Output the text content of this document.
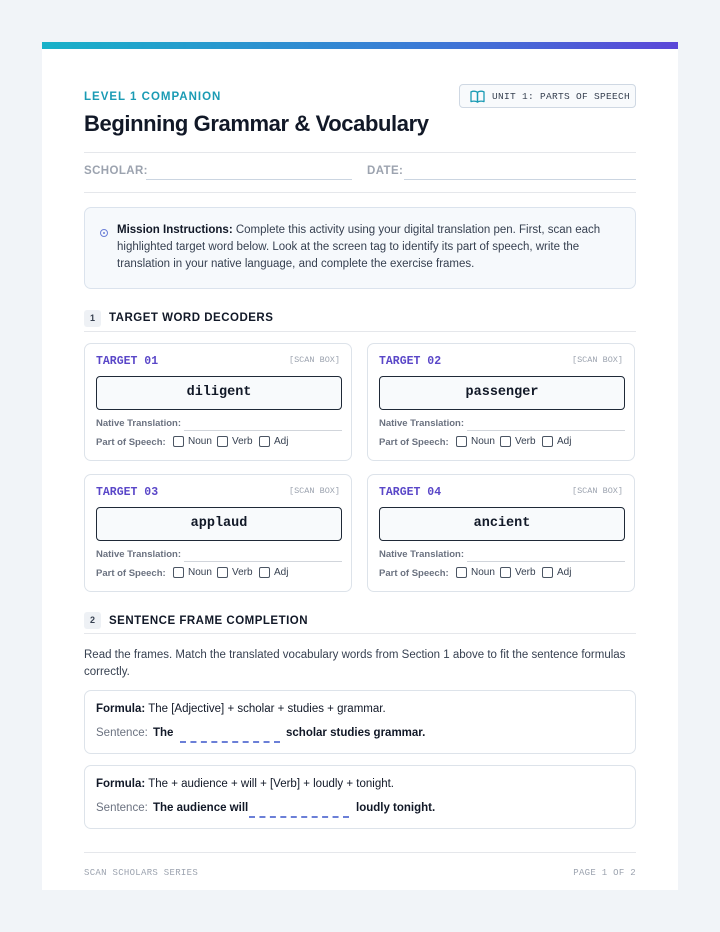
LEVEL 1 COMPANION
Beginning Grammar & Vocabulary
UNIT 1: PARTS OF SPEECH
SCHOLAR:	DATE:

Mission Instructions: Complete this activity using your digital translation pen. First, scan each highlighted target word below. Look at the screen tag to identify its part of speech, write the translation in your native language, and complete the exercise frames.

1	TARGET WORD DECODERS
TARGET 01	[SCAN BOX]
diligent
Native Translation:
Part of Speech: Noun Verb Adj
TARGET 02	[SCAN BOX]
passenger
Native Translation:
Part of Speech: Noun Verb Adj
TARGET 03	[SCAN BOX]
applaud
Native Translation:
Part of Speech: Noun Verb Adj
TARGET 04	[SCAN BOX]
ancient
Native Translation:
Part of Speech: Noun Verb Adj
2	SENTENCE FRAME COMPLETION
Read the frames. Match the translated vocabulary words from Section 1 above to fit the sentence formulas correctly.
Formula: The [Adjective] + scholar + studies + grammar.
Sentence: The	scholar studies grammar.
Formula: The + audience + will + [Verb] + loudly + tonight.
Sentence: The audience will	loudly tonight.
SCAN SCHOLARS SERIES	PAGE 1 OF 2
